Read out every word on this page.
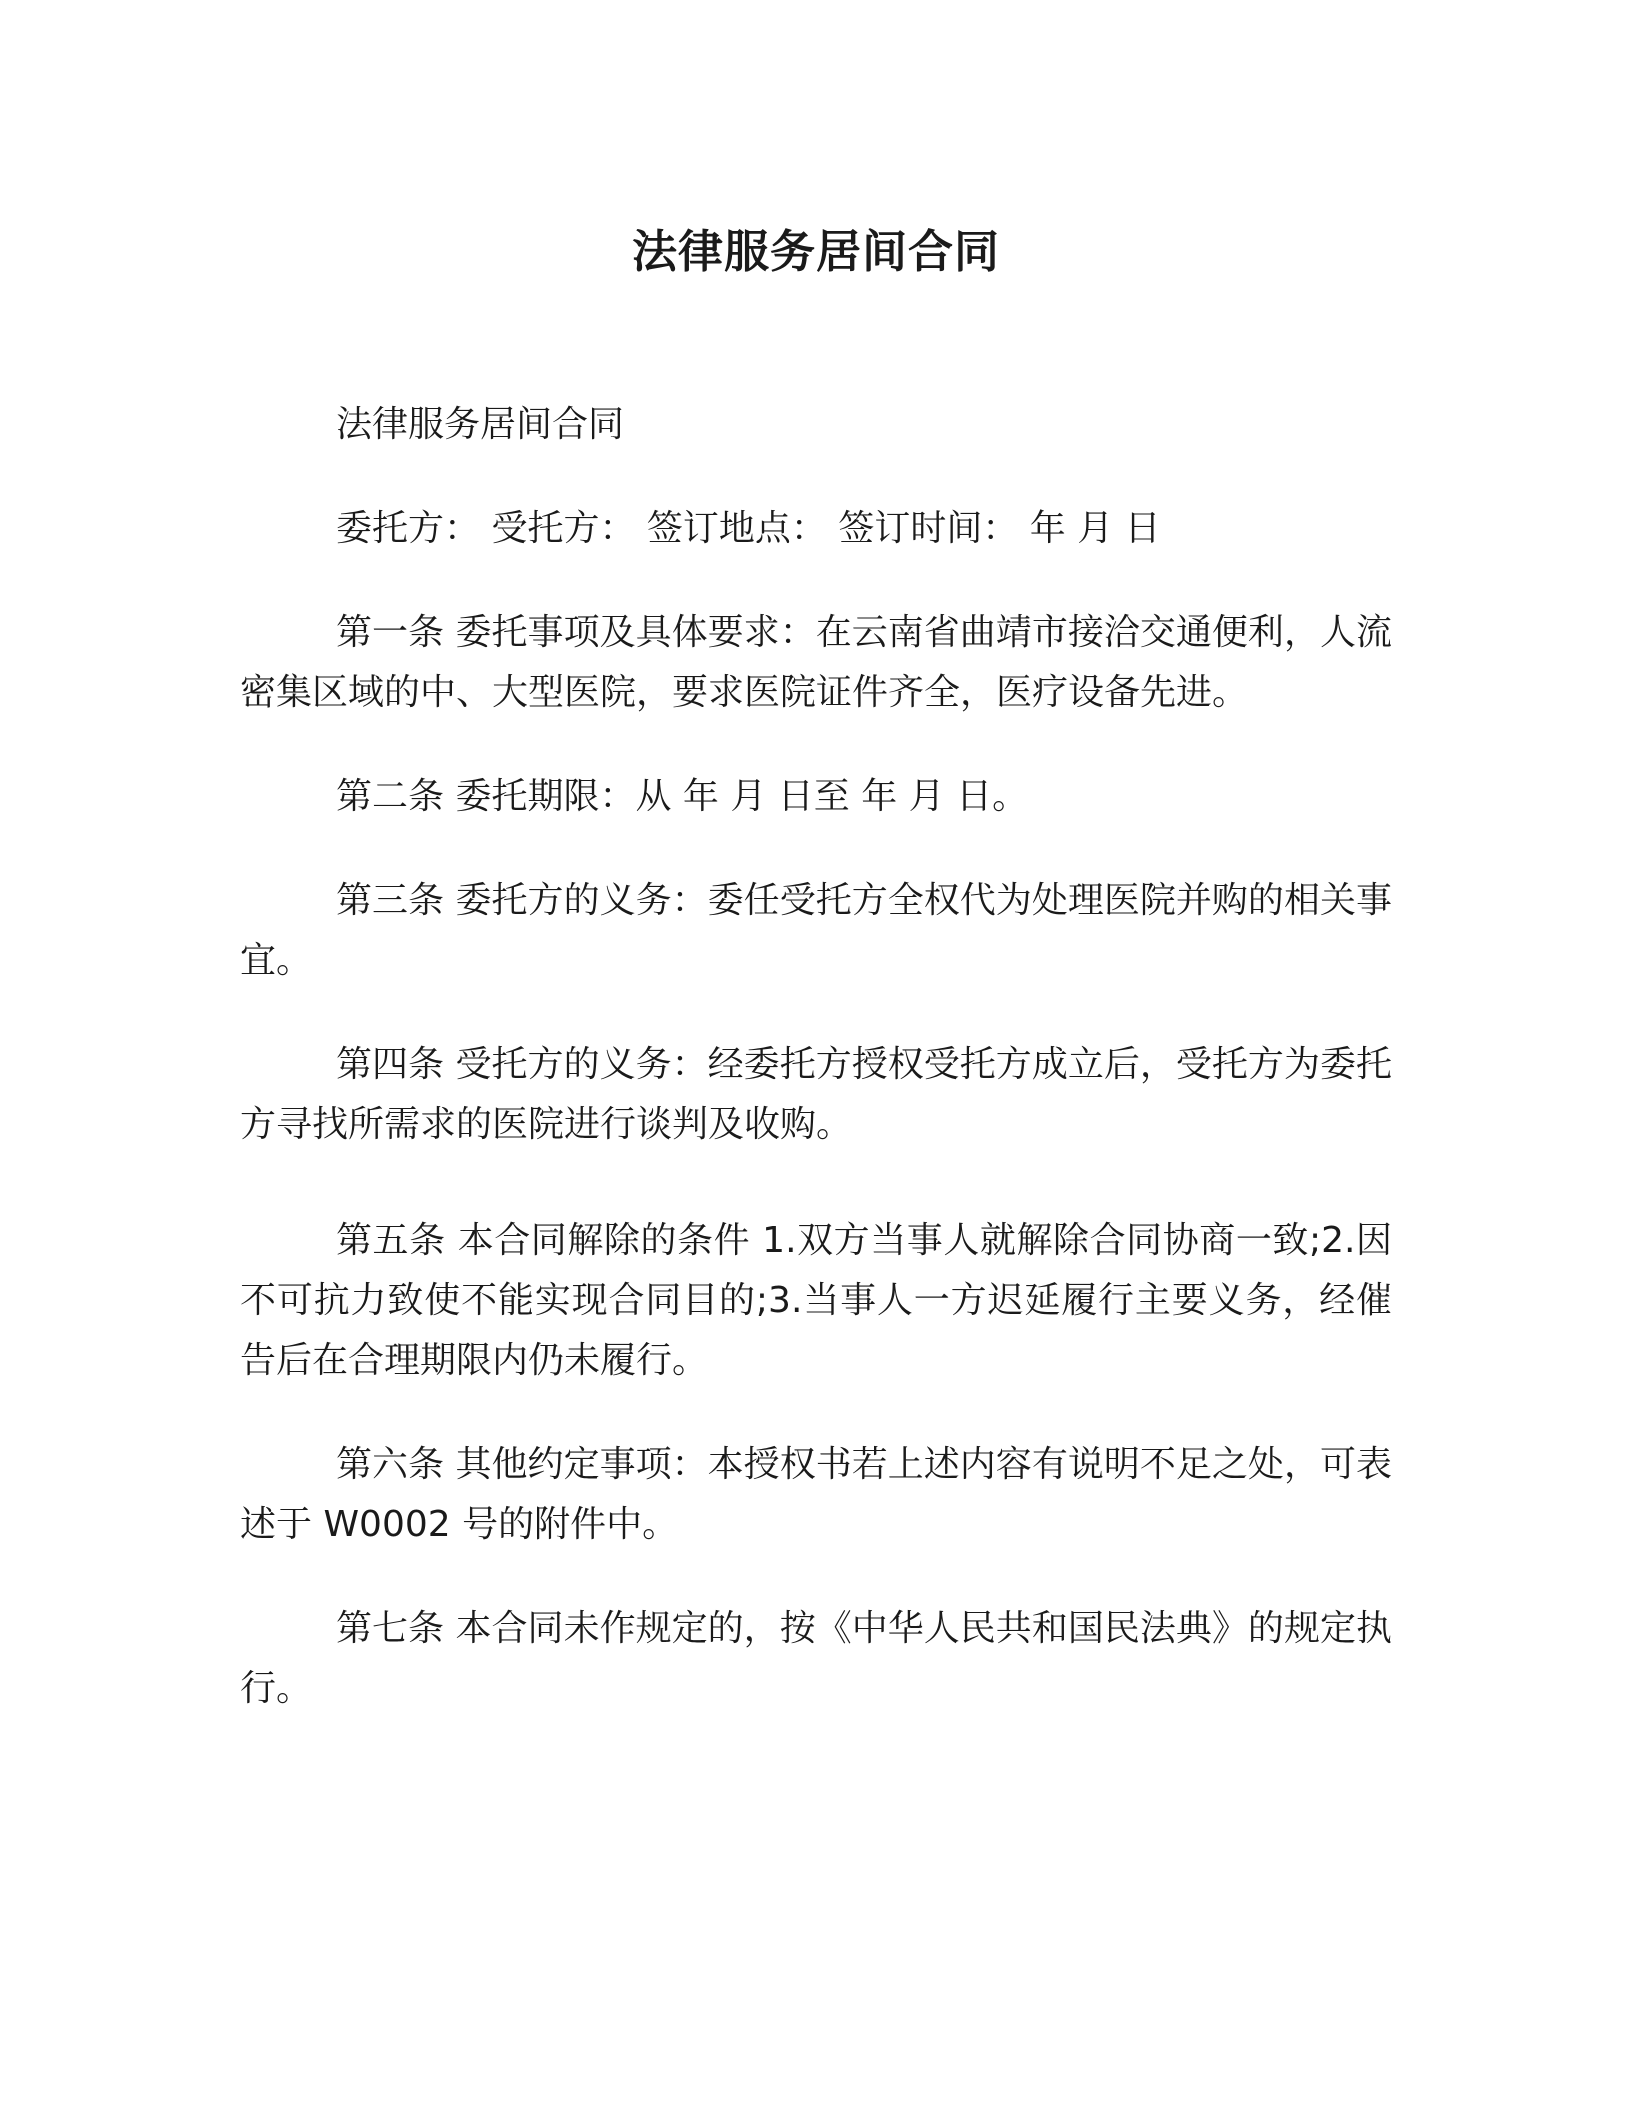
法律服务居间合同

法律服务居间合同

委托方： 受托方： 签订地点： 签订时间： 年 月 日

第一条 委托事项及具体要求：在云南省曲靖市接洽交通便利，人流密集区域的中、大型医院，要求医院证件齐全，医疗设备先进。

第二条 委托期限：从 年 月 日至 年 月 日。

第三条 委托方的义务：委任受托方全权代为处理医院并购的相关事宜。

第四条 受托方的义务：经委托方授权受托方成立后，受托方为委托方寻找所需求的医院进行谈判及收购。

第五条 本合同解除的条件 1.双方当事人就解除合同协商一致;2.因不可抗力致使不能实现合同目的;3.当事人一方迟延履行主要义务，经催告后在合理期限内仍未履行。

第六条 其他约定事项：本授权书若上述内容有说明不足之处，可表述于 W0002 号的附件中。

第七条 本合同未作规定的，按《中华人民共和国民法典》的规定执行。
